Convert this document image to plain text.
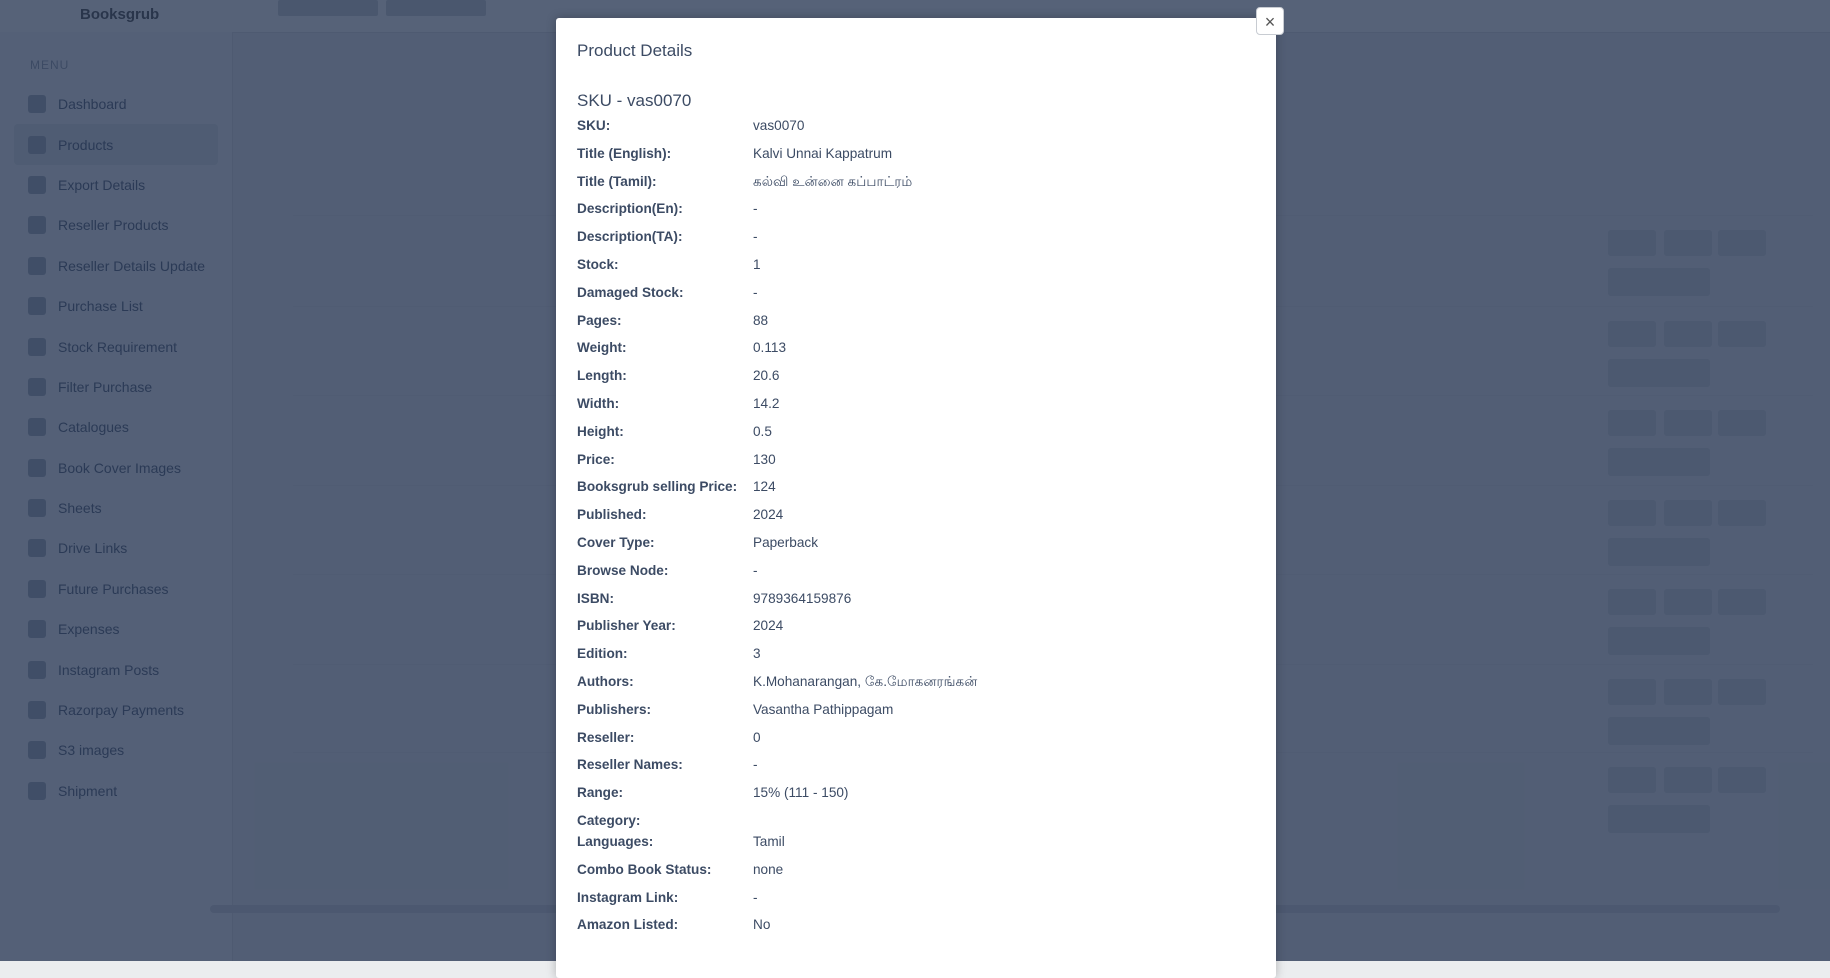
Product Details
SKU - vas0070
SKU:	vas0070
Title (English):	Kalvi Unnai Kappatrum
Title (Tamil):	கல்வி உன்னை கப்பாட்ரம்
Description(En):	-
Description(TA):	-
Stock:	1
Damaged Stock:	-
Pages:	88
Weight:	0.113
Length:	20.6
Width:	14.2
Height:	0.5
Price:	130
Booksgrub selling Price:	124
Published:	2024
Cover Type:	Paperback
Browse Node:	-
ISBN:	9789364159876
Publisher Year:	2024
Edition:	3
Authors:	K.Mohanarangan, கே.மோகனரங்கன்
Publishers:	Vasantha Pathippagam
Reseller:	0
Reseller Names:	-
Range:	15% (111 - 150)
Category:
Languages:	Tamil
Combo Book Status:	none
Instagram Link:	-
Amazon Listed:	No
×
